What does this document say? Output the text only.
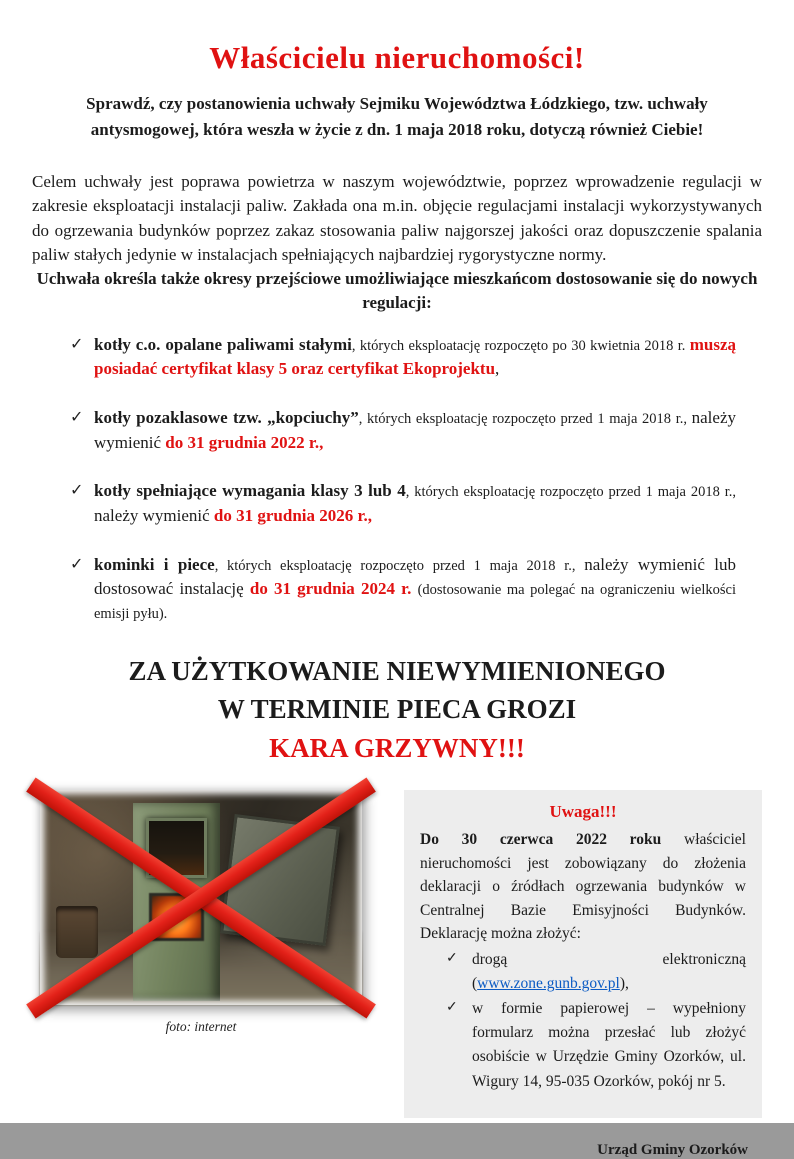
Właścicielu nieruchomości!

Sprawdź, czy postanowienia uchwały Sejmiku Województwa Łódzkiego, tzw. uchwały antysmogowej, która weszła w życie z dn. 1 maja 2018 roku, dotyczą również Ciebie!

Celem uchwały jest poprawa powietrza w naszym województwie, poprzez wprowadzenie regulacji w zakresie eksploatacji instalacji paliw. Zakłada ona m.in. objęcie regulacjami instalacji wykorzystywanych do ogrzewania budynków poprzez zakaz stosowania paliw najgorszej jakości oraz dopuszczenie spalania paliw stałych jedynie w instalacjach spełniających najbardziej rygorystyczne normy.

Uchwała określa także okresy przejściowe umożliwiające mieszkańcom dostosowanie się do nowych regulacji:

✓ kotły c.o. opalane paliwami stałymi, których eksploatację rozpoczęto po 30 kwietnia 2018 r. muszą posiadać certyfikat klasy 5 oraz certyfikat Ekoprojektu,
✓ kotły pozaklasowe tzw. „kopciuchy”, których eksploatację rozpoczęto przed 1 maja 2018 r., należy wymienić do 31 grudnia 2022 r.,
✓ kotły spełniające wymagania klasy 3 lub 4, których eksploatację rozpoczęto przed 1 maja 2018 r., należy wymienić do 31 grudnia 2026 r.,
✓ kominki i piece, których eksploatację rozpoczęto przed 1 maja 2018 r., należy wymienić lub dostosować instalację do 31 grudnia 2024 r. (dostosowanie ma polegać na ograniczeniu wielkości emisji pyłu).
ZA UŻYTKOWANIE NIEWYMIENIONEGO
W TERMINIE PIECA GROZI
KARA GRZYWNY!!!
foto: internet
Uwaga!!!

Do 30 czerwca 2022 roku właściciel nieruchomości jest zobowiązany do złożenia deklaracji o źródłach ogrzewania budynków w Centralnej Bazie Emisyjności Budynków. Deklarację można złożyć:

✓ drogą elektroniczną (www.zone.gunb.gov.pl),
✓ w formie papierowej – wypełniony formularz można przesłać lub złożyć osobiście w Urzędzie Gminy Ozorków, ul. Wigury 14, 95-035 Ozorków, pokój nr 5.
Urząd Gminy Ozorków
